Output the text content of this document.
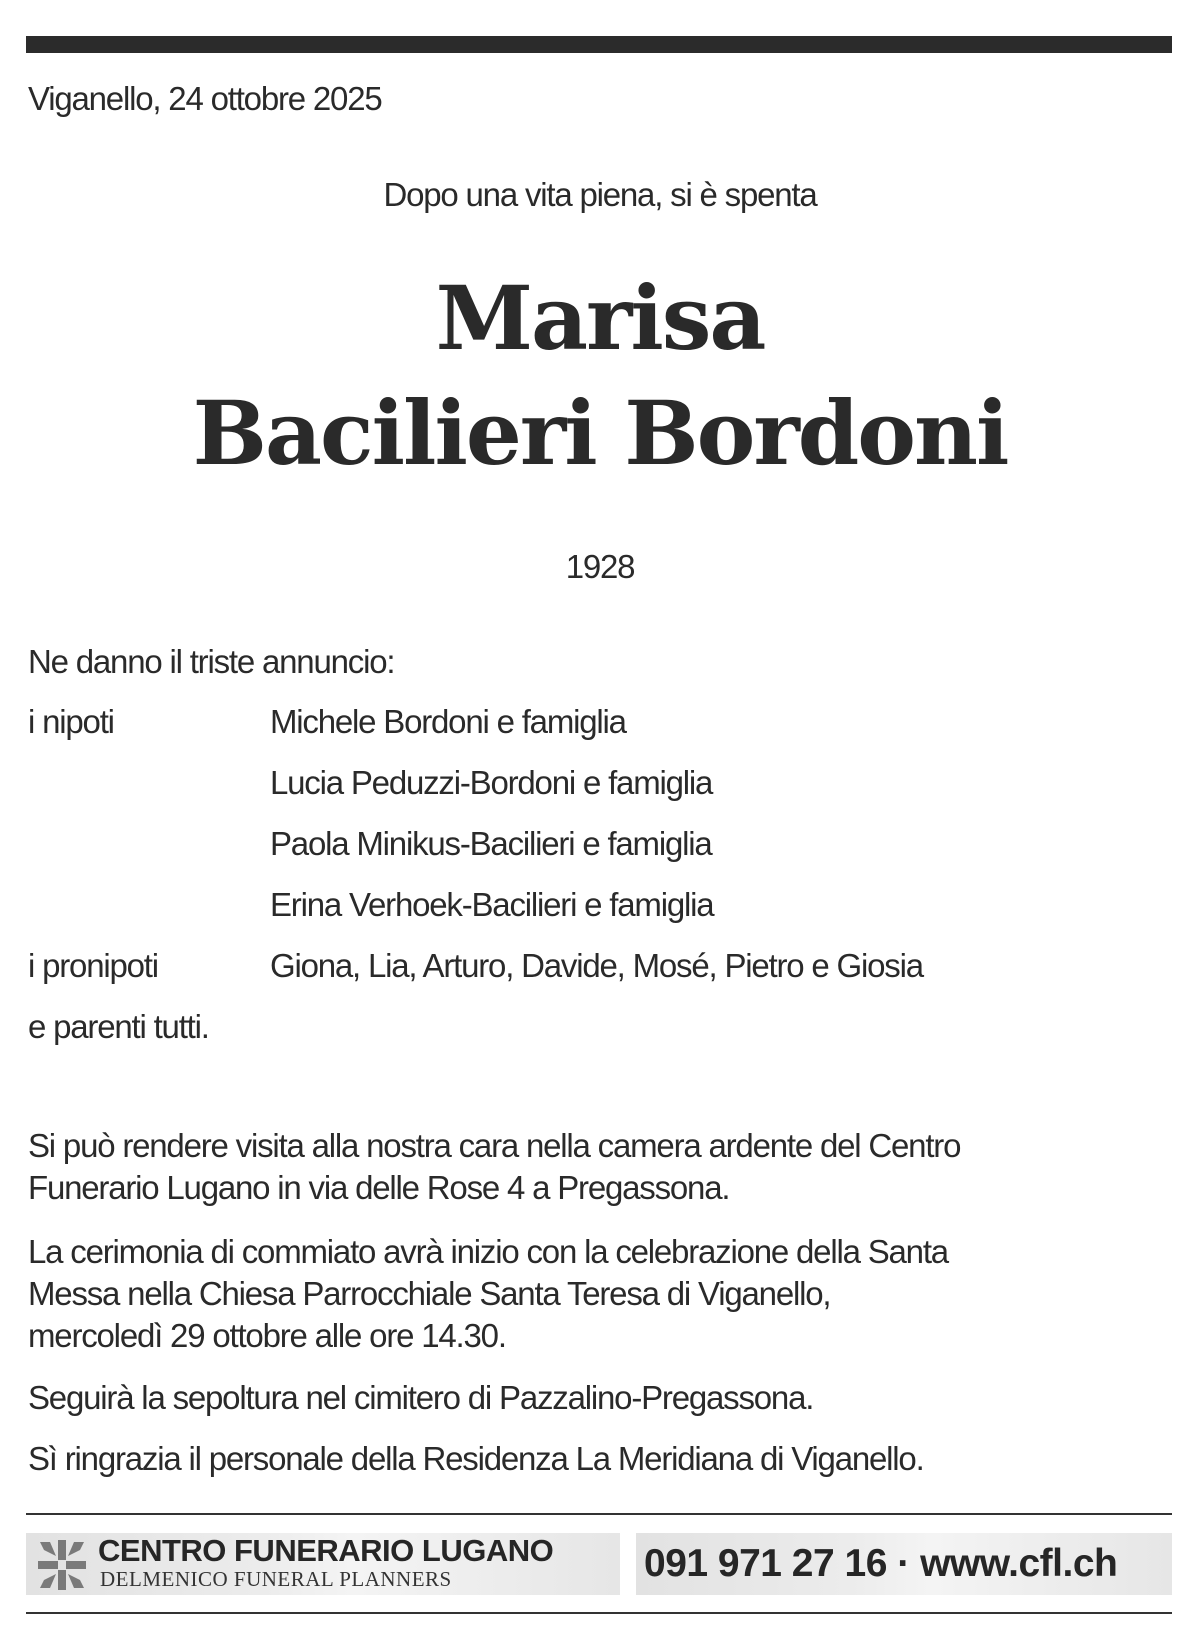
Viganello, 24 ottobre 2025
Dopo una vita piena, si è spenta
Marisa
Bacilieri Bordoni
1928
Ne danno il triste annuncio:
i nipoti	Michele Bordoni e famiglia
Lucia Peduzzi-Bordoni e famiglia
Paola Minikus-Bacilieri e famiglia
Erina Verhoek-Bacilieri e famiglia
i pronipoti	Giona, Lia, Arturo, Davide, Mosé, Pietro e Giosia
e parenti tutti.
Si può rendere visita alla nostra cara nella camera ardente del Centro
Funerario Lugano in via delle Rose 4 a Pregassona.
La cerimonia di commiato avrà inizio con la celebrazione della Santa
Messa nella Chiesa Parrocchiale Santa Teresa di Viganello,
mercoledì 29 ottobre alle ore 14.30.
Seguirà la sepoltura nel cimitero di Pazzalino-Pregassona.
Sì ringrazia il personale della Residenza La Meridiana di Viganello.
CENTRO FUNERARIO LUGANO
DELMENICO FUNERAL PLANNERS	091 971 27 16 · www.cfl.ch
